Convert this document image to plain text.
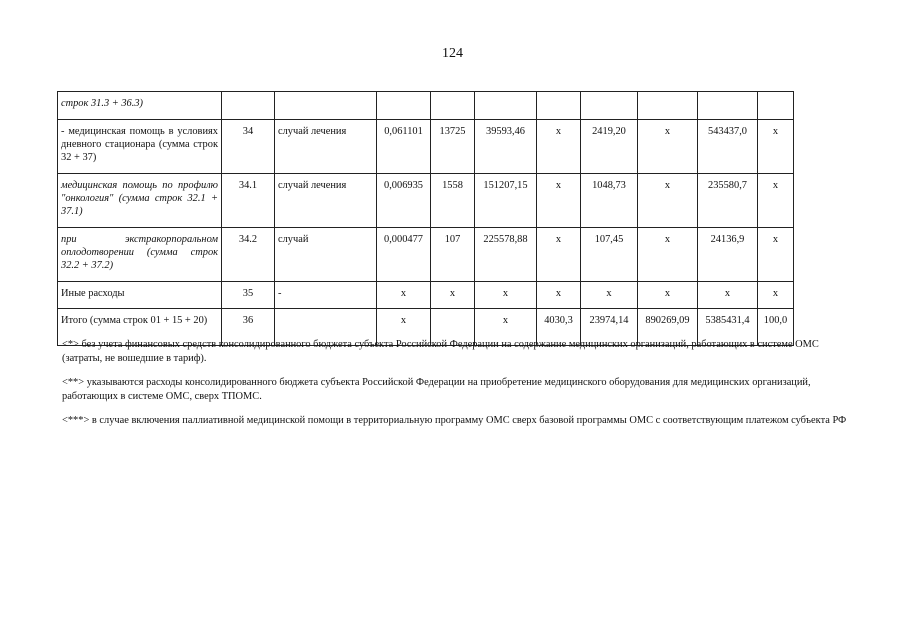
124
строк 31.3 + 36.3)										
- медицинская помощь в условиях дневного стационара (сумма строк 32 + 37)	34	случай лечения	0,061101	13725	39593,46	x	2419,20	x	543437,0	x
медицинская помощь по профилю "онкология" (сумма строк 32.1 + 37.1)	34.1	случай лечения	0,006935	1558	151207,15	x	1048,73	x	235580,7	x
при экстракорпоральном оплодотворении (сумма строк 32.2 + 37.2)	34.2	случай	0,000477	107	225578,88	x	107,45	x	24136,9	x
Иные расходы	35	-	x	x	x	x	x	x	x	x
Итого (сумма строк 01 + 15 + 20)	36		x		x	4030,3	23974,14	890269,09	5385431,4	100,0

<*> без учета финансовых средств консолидированного бюджета субъекта Российской Федерации на содержание медицинских организаций, работающих в системе ОМС (затраты, не вошедшие в тариф).

<**> указываются расходы консолидированного бюджета субъекта Российской Федерации на приобретение медицинского оборудования для медицинских организаций, работающих в системе ОМС, сверх ТПОМС.

<***> в случае включения паллиативной медицинской помощи в территориальную программу ОМС сверх базовой программы ОМС с соответствующим платежом субъекта РФ
